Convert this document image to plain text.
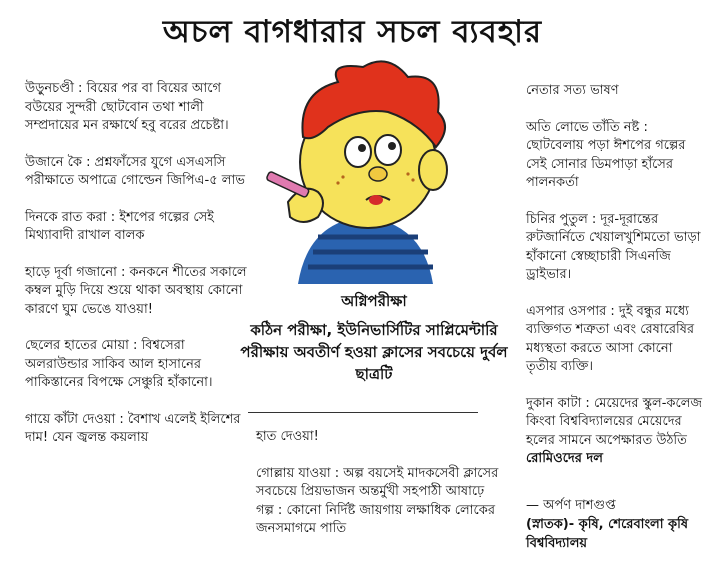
অচল বাগধারার সচল ব্যবহার

উড়ুনচণ্ডী : বিয়ের পর বা বিয়ের আগে বউয়ের সুন্দরী ছোটবোন তথা শালী সম্প্রদায়ের মন রক্ষার্থে হবু বরের প্রচেষ্টা।

উজানে কৈ : প্রশ্নফাঁসের যুগে এসএসসি পরীক্ষাতে অপাত্রে গোল্ডেন জিপিএ-৫ লাভ

দিনকে রাত করা : ইশপের গল্পের সেই মিথ্যাবাদী রাখাল বালক

হাড়ে দূর্বা গজানো : কনকনে শীতের সকালে কম্বল মুড়ি দিয়ে শুয়ে থাকা অবস্থায় কোনো কারণে ঘুম ভেঙে যাওয়া!

ছেলের হাতের মোয়া : বিশ্বসেরা অলরাউন্ডার সাকিব আল হাসানের পাকিস্তানের বিপক্ষে সেঞ্চুরি হাঁকানো।

গায়ে কাঁটা দেওয়া : বৈশাখ এলেই ইলিশের দাম! যেন জ্বলন্ত কয়লায়

অগ্নিপরীক্ষা
কঠিন পরীক্ষা, ইউনিভার্সিটির সাপ্লিমেন্টারি পরীক্ষায় অবতীর্ণ হওয়া ক্লাসের সবচেয়ে দুর্বল ছাত্রটি

হাত দেওয়া!

গোল্লায় যাওয়া : অল্প বয়সেই মাদকসেবী ক্লাসের সবচেয়ে প্রিয়ভাজন অন্তর্মুখী সহপাঠী আষাঢ়ে গল্প : কোনো নির্দিষ্ট জায়গায় লক্ষাধিক লোকের জনসমাগমে পাতি

নেতার সত্য ভাষণ

অতি লোভে তাঁতি নষ্ট : ছোটবেলায় পড়া ঈশপের গল্পের সেই সোনার ডিমপাড়া হাঁসের পালনকর্তা

চিনির পুতুল : দূর-দূরান্তের রুটজার্নিতে খেয়ালখুশিমতো ভাড়া হাঁকানো স্বেচ্ছাচারী সিএনজি ড্রাইভার।

এসপার ওসপার : দুই বন্ধুর মধ্যে ব্যক্তিগত শত্রুতা এবং রেষারেষির মধ্যস্থতা করতে আসা কোনো তৃতীয় ব্যক্তি।

দুকান কাটা : মেয়েদের স্কুল-কলেজ কিংবা বিশ্ববিদ্যালয়ের মেয়েদের হলের সামনে অপেক্ষারত উঠতি রোমিওদের দল

— অর্পণ দাশগুপ্ত
(স্নাতক)- কৃষি, শেরেবাংলা কৃষি বিশ্ববিদ্যালয়
